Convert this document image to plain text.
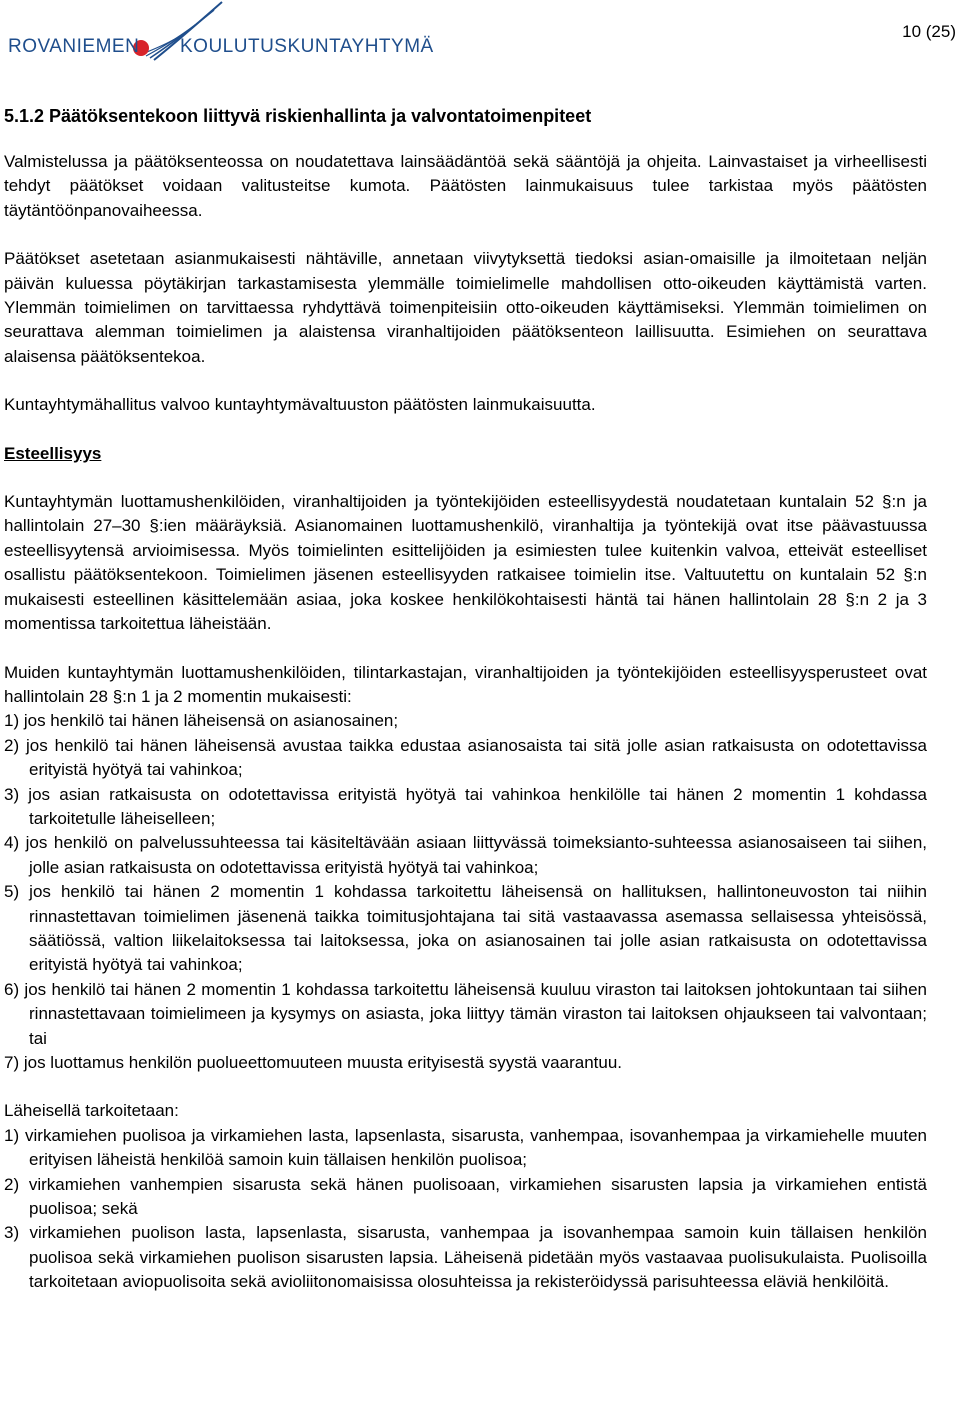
ROVANIEMEN KOULUTUSKUNTAYHTYMÄ
10 (25)
5.1.2 Päätöksentekoon liittyvä riskienhallinta ja valvontatoimenpiteet

Valmistelussa ja päätöksenteossa on noudatettava lainsäädäntöä sekä sääntöjä ja ohjeita. Lainvastaiset ja virheellisesti tehdyt päätökset voidaan valitusteitse kumota. Päätösten lainmukaisuus tulee tarkistaa myös päätösten täytäntöönpanovaiheessa.

Päätökset asetetaan asianmukaisesti nähtäville, annetaan viivytyksettä tiedoksi asian-omaisille ja ilmoitetaan neljän päivän kuluessa pöytäkirjan tarkastamisesta ylemmälle toimielimelle mahdollisen otto-oikeuden käyttämistä varten. Ylemmän toimielimen on tarvittaessa ryhdyttävä toimenpiteisiin otto-oikeuden käyttämiseksi. Ylemmän toimielimen on seurattava alemman toimielimen ja alaistensa viranhaltijoiden päätöksenteon laillisuutta. Esimiehen on seurattava alaisensa päätöksentekoa.

Kuntayhtymähallitus valvoo kuntayhtymävaltuuston päätösten lainmukaisuutta.

Esteellisyys

Kuntayhtymän luottamushenkilöiden, viranhaltijoiden ja työntekijöiden esteellisyydestä noudatetaan kuntalain 52 §:n ja hallintolain 27–30 §:ien määräyksiä. Asianomainen luottamushenkilö, viranhaltija ja työntekijä ovat itse päävastuussa esteellisyytensä arvioimisessa. Myös toimielinten esittelijöiden ja esimiesten tulee kuitenkin valvoa, etteivät esteelliset osallistu päätöksentekoon. Toimielimen jäsenen esteellisyyden ratkaisee toimielin itse. Valtuutettu on kuntalain 52 §:n mukaisesti esteellinen käsittelemään asiaa, joka koskee henkilökohtaisesti häntä tai hänen hallintolain 28 §:n 2 ja 3 momentissa tarkoitettua läheistään.

Muiden kuntayhtymän luottamushenkilöiden, tilintarkastajan, viranhaltijoiden ja työntekijöiden esteellisyysperusteet ovat hallintolain 28 §:n 1 ja 2 momentin mukaisesti:

1) jos henkilö tai hänen läheisensä on asianosainen;
2) jos henkilö tai hänen läheisensä avustaa taikka edustaa asianosaista tai sitä jolle asian ratkaisusta on odotettavissa erityistä hyötyä tai vahinkoa;
3) jos asian ratkaisusta on odotettavissa erityistä hyötyä tai vahinkoa henkilölle tai hänen 2 momentin 1 kohdassa tarkoitetulle läheiselleen;
4) jos henkilö on palvelussuhteessa tai käsiteltävään asiaan liittyvässä toimeksianto-suhteessa asianosaiseen tai siihen, jolle asian ratkaisusta on odotettavissa erityistä hyötyä tai vahinkoa;
5) jos henkilö tai hänen 2 momentin 1 kohdassa tarkoitettu läheisensä on hallituksen, hallintoneuvoston tai niihin rinnastettavan toimielimen jäsenenä taikka toimitusjohtajana tai sitä vastaavassa asemassa sellaisessa yhteisössä, säätiössä, valtion liikelaitoksessa tai laitoksessa, joka on asianosainen tai jolle asian ratkaisusta on odotettavissa erityistä hyötyä tai vahinkoa;
6) jos henkilö tai hänen 2 momentin 1 kohdassa tarkoitettu läheisensä kuuluu viraston tai laitoksen johtokuntaan tai siihen rinnastettavaan toimielimeen ja kysymys on asiasta, joka liittyy tämän viraston tai laitoksen ohjaukseen tai valvontaan; tai
7) jos luottamus henkilön puolueettomuuteen muusta erityisestä syystä vaarantuu.

Läheisellä tarkoitetaan:

1) virkamiehen puolisoa ja virkamiehen lasta, lapsenlasta, sisarusta, vanhempaa, isovanhempaa ja virkamiehelle muuten erityisen läheistä henkilöä samoin kuin tällaisen henkilön puolisoa;
2) virkamiehen vanhempien sisarusta sekä hänen puolisoaan, virkamiehen sisarusten lapsia ja virkamiehen entistä puolisoa; sekä
3) virkamiehen puolison lasta, lapsenlasta, sisarusta, vanhempaa ja isovanhempaa samoin kuin tällaisen henkilön puolisoa sekä virkamiehen puolison sisarusten lapsia. Läheisenä pidetään myös vastaavaa puolisukulaista. Puolisoilla tarkoitetaan aviopuolisoita sekä avioliitonomaisissa olosuhteissa ja rekisteröidyssä parisuhteessa eläviä henkilöitä.
